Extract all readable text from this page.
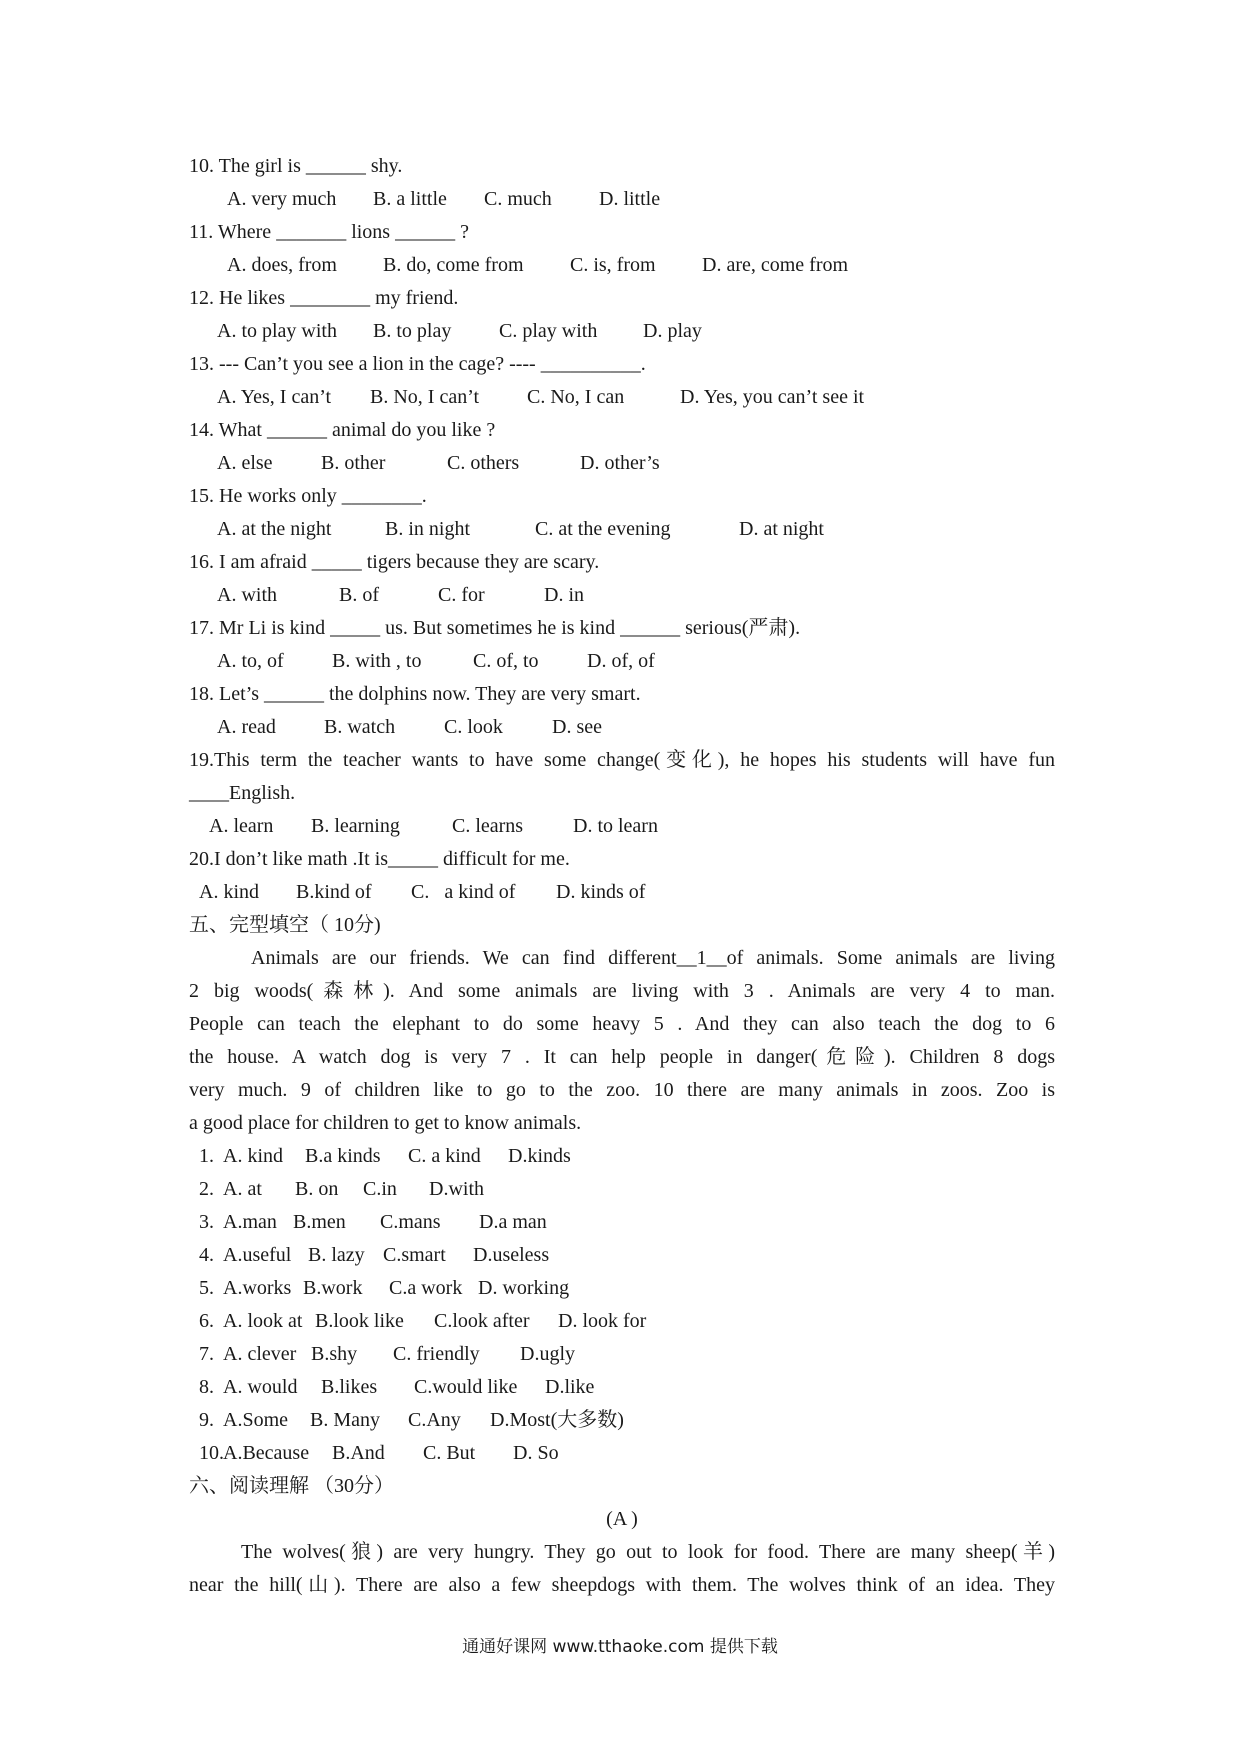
10. The girl is ______ shy.
A. very much	B. a little	C. much	D. little
11. Where _______ lions ______ ?
A. does, from	B. do, come from	C. is, from	D. are, come from
12. He likes ________ my friend.
A. to play with	B. to play	C. play with	D. play
13. --- Can’t you see a lion in the cage? ---- __________.
A. Yes, I can’t	B. No, I can’t	C. No, I can	D. Yes, you can’t see it
14. What ______ animal do you like ?
A. else	B. other	C. others	D. other’s
15. He works only ________.
A. at the night	B. in night	C. at the evening	D. at night
16. I am afraid _____ tigers because they are scary.
A. with	B. of	C. for	D. in
17. Mr Li is kind _____ us. But sometimes he is kind ______ serious(严肃).
A. to, of	B. with , to	C. of, to	D. of, of
18. Let’s ______ the dolphins now. They are very smart.
A. read	B. watch	C. look	D. see
19.This term the teacher wants to have some change(变化), he hopes his students will have fun
____English.
A. learn	B. learning	C. learns	D. to learn
20.I don’t like math .It is_____ difficult for me.
A. kind	B.kind of	C.   a kind of	D. kinds of
五、完型填空（ 10分)
Animals are our friends. We can find different__1__of animals. Some animals are living
2 big woods(森林). And some animals are living with 3 . Animals are very 4 to man.
People can teach the elephant to do some heavy 5 . And they can also teach the dog to 6
the house. A watch dog is very 7 . It can help people in danger(危险). Children 8 dogs
very much. 9 of children like to go to the zoo. 10 there are many animals in zoos. Zoo is
a good place for children to get to know animals.
1. A. kind	B.a kinds	C. a kind	D.kinds
2. A. at	B. on	C.in	D.with
3. A.man B.men	C.mans	D.a man
4. A.useful B. lazy C.smart	D.useless
5. A.works B.work	C.a work D. working
6. A. look at B.look like	C.look after	D. look for
7. A. clever B.shy	C. friendly	D.ugly
8. A. would	B.likes	C.would like	D.like
9. A.Some	B. Many	C.Any	D.Most(大多数)
10. A.Because	B.And	C. But	D. So
六、阅读理解 （30分）
(A )
The wolves(狼) are very hungry. They go out to look for food. There are many sheep(羊)
near the hill(山). There are also a few sheepdogs with them. The wolves think of an idea. They
通通好课网 www.tthaoke.com 提供下载
